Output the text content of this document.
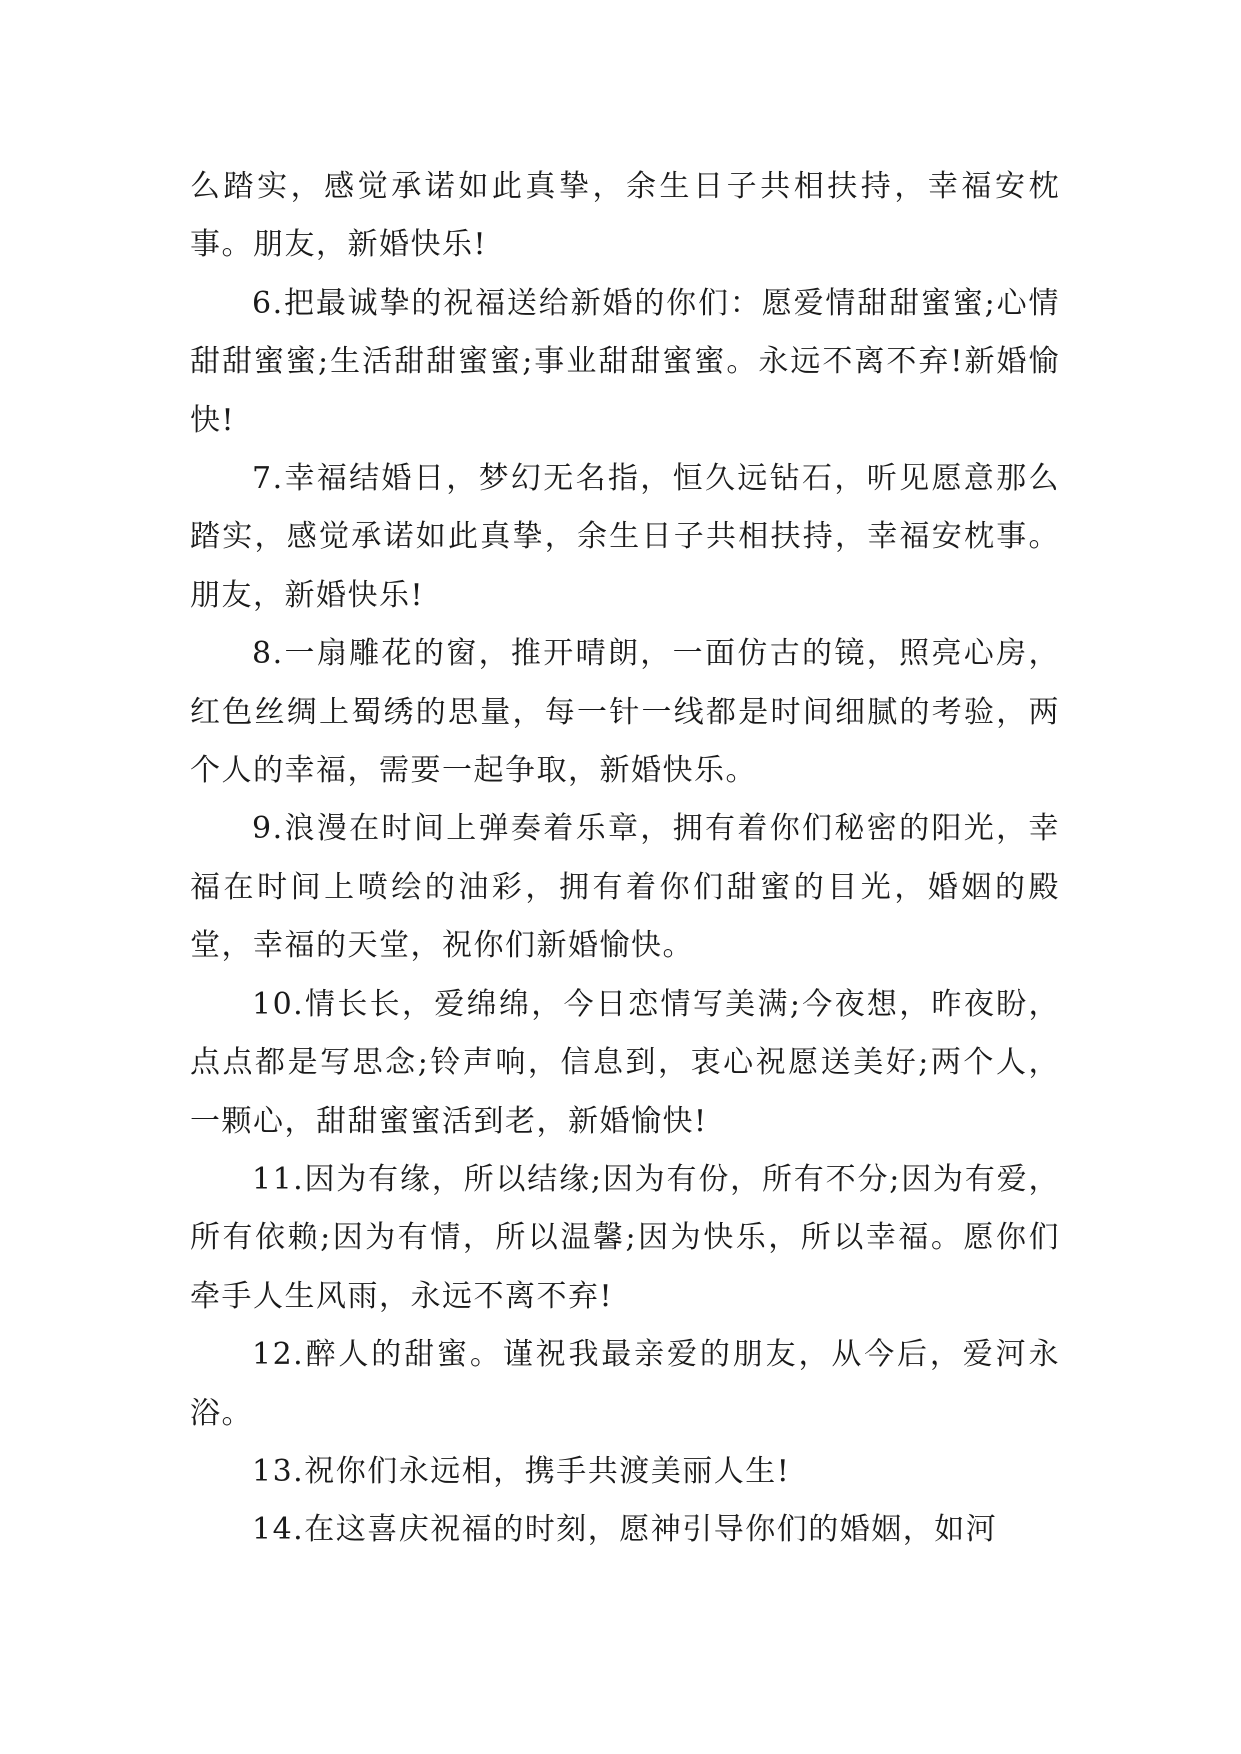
么踏实，感觉承诺如此真挚，余生日子共相扶持，幸福安枕事。朋友，新婚快乐!

6.把最诚挚的祝福送给新婚的你们：愿爱情甜甜蜜蜜;心情甜甜蜜蜜;生活甜甜蜜蜜;事业甜甜蜜蜜。永远不离不弃!新婚愉快!

7.幸福结婚日，梦幻无名指，恒久远钻石，听见愿意那么踏实，感觉承诺如此真挚，余生日子共相扶持，幸福安枕事。朋友，新婚快乐!

8.一扇雕花的窗，推开晴朗，一面仿古的镜，照亮心房，红色丝绸上蜀绣的思量，每一针一线都是时间细腻的考验，两个人的幸福，需要一起争取，新婚快乐。

9.浪漫在时间上弹奏着乐章，拥有着你们秘密的阳光，幸福在时间上喷绘的油彩，拥有着你们甜蜜的目光，婚姻的殿堂，幸福的天堂，祝你们新婚愉快。

10.情长长，爱绵绵，今日恋情写美满;今夜想，昨夜盼，点点都是写思念;铃声响，信息到，衷心祝愿送美好;两个人，一颗心，甜甜蜜蜜活到老，新婚愉快!

11.因为有缘，所以结缘;因为有份，所有不分;因为有爱，所有依赖;因为有情，所以温馨;因为快乐，所以幸福。愿你们牵手人生风雨，永远不离不弃!

12.醉人的甜蜜。谨祝我最亲爱的朋友，从今后，爱河永浴。

13.祝你们永远相，携手共渡美丽人生!

14.在这喜庆祝福的时刻，愿神引导你们的婚姻，如河
